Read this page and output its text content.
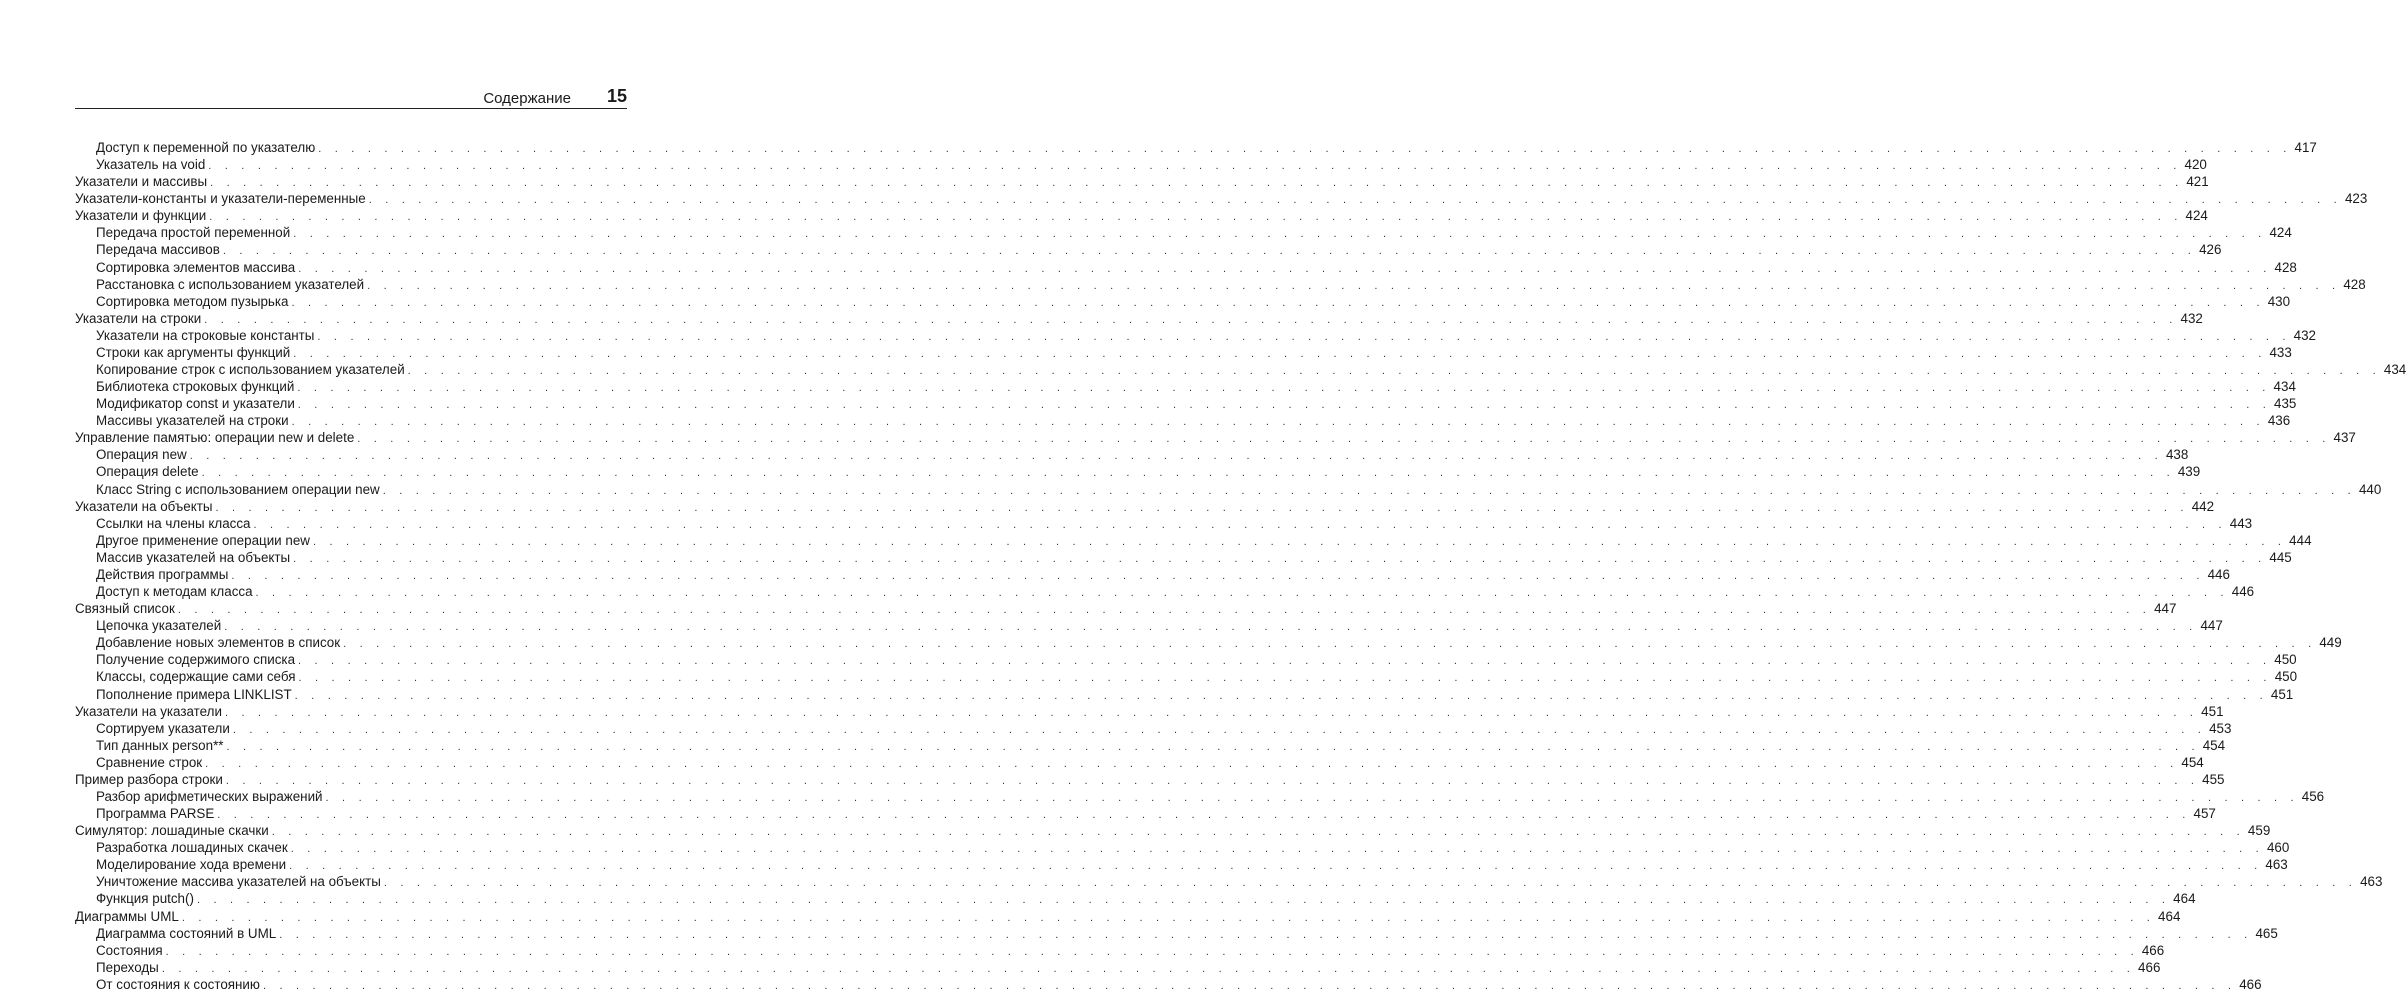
Содержание 15
Доступ к переменной по указателю . . . . . . . . . . . . . . . . . . . . . . . . . . . . . . . . . . . . . . . . . . . . . . . . . . . . . . . . . . . . . . . . . . . . . . . . . . . . . . . . . . . . . . . . . . . . . . . . . . . . . . . . . . . . . . . . . . . . . . . . 417
Указатель на void . . . . . . . . . . . . . . . . . . . . . . . . . . . . . . . . . . . . . . . . . . . . . . . . . . . . . . . . . . . . . . . . . . . . . . . . . . . . . . . . . . . . . . . . . . . . . . . . . . . . . . . . . . . . . . . . . . . . . . . . 420
Указатели и массивы . . . . . . . . . . . . . . . . . . . . . . . . . . . . . . . . . . . . . . . . . . . . . . . . . . . . . . . . . . . . . . . . . . . . . . . . . . . . . . . . . . . . . . . . . . . . . . . . . . . . . . . . . . . . . . . . . . . . . . . . 421
Указатели-константы и указатели-переменные . . . . . . . . . . . . . . . . . . . . . . . . . . . . . . . . . . . . . . . . . . . . . . . . . . . . . . . . . . . . . . . . . . . . . . . . . . . . . . . . . . . . . . . . . . . . . . . . . . . . . . . . . . . . . . . . . . . . . . . . 423
Указатели и функции . . . . . . . . . . . . . . . . . . . . . . . . . . . . . . . . . . . . . . . . . . . . . . . . . . . . . . . . . . . . . . . . . . . . . . . . . . . . . . . . . . . . . . . . . . . . . . . . . . . . . . . . . . . . . . . . . . . . . . . . 424
Передача простой переменной . . . . . . . . . . . . . . . . . . . . . . . . . . . . . . . . . . . . . . . . . . . . . . . . . . . . . . . . . . . . . . . . . . . . . . . . . . . . . . . . . . . . . . . . . . . . . . . . . . . . . . . . . . . . . . . . . . . . . . . . 424
Передача массивов . . . . . . . . . . . . . . . . . . . . . . . . . . . . . . . . . . . . . . . . . . . . . . . . . . . . . . . . . . . . . . . . . . . . . . . . . . . . . . . . . . . . . . . . . . . . . . . . . . . . . . . . . . . . . . . . . . . . . . . . 426
Сортировка элементов массива . . . . . . . . . . . . . . . . . . . . . . . . . . . . . . . . . . . . . . . . . . . . . . . . . . . . . . . . . . . . . . . . . . . . . . . . . . . . . . . . . . . . . . . . . . . . . . . . . . . . . . . . . . . . . . . . . . . . . . . . 428
Расстановка с использованием указателей . . . . . . . . . . . . . . . . . . . . . . . . . . . . . . . . . . . . . . . . . . . . . . . . . . . . . . . . . . . . . . . . . . . . . . . . . . . . . . . . . . . . . . . . . . . . . . . . . . . . . . . . . . . . . . . . . . . . . . . . 428
Сортировка методом пузырька . . . . . . . . . . . . . . . . . . . . . . . . . . . . . . . . . . . . . . . . . . . . . . . . . . . . . . . . . . . . . . . . . . . . . . . . . . . . . . . . . . . . . . . . . . . . . . . . . . . . . . . . . . . . . . . . . . . . . . . . 430
Указатели на строки . . . . . . . . . . . . . . . . . . . . . . . . . . . . . . . . . . . . . . . . . . . . . . . . . . . . . . . . . . . . . . . . . . . . . . . . . . . . . . . . . . . . . . . . . . . . . . . . . . . . . . . . . . . . . . . . . . . . . . . . 432
Указатели на строковые константы . . . . . . . . . . . . . . . . . . . . . . . . . . . . . . . . . . . . . . . . . . . . . . . . . . . . . . . . . . . . . . . . . . . . . . . . . . . . . . . . . . . . . . . . . . . . . . . . . . . . . . . . . . . . . . . . . . . . . . . . 432
Строки как аргументы функций . . . . . . . . . . . . . . . . . . . . . . . . . . . . . . . . . . . . . . . . . . . . . . . . . . . . . . . . . . . . . . . . . . . . . . . . . . . . . . . . . . . . . . . . . . . . . . . . . . . . . . . . . . . . . . . . . . . . . . . . 433
Копирование строк с использованием указателей . . . . . . . . . . . . . . . . . . . . . . . . . . . . . . . . . . . . . . . . . . . . . . . . . . . . . . . . . . . . . . . . . . . . . . . . . . . . . . . . . . . . . . . . . . . . . . . . . . . . . . . . . . . . . . . . . . . . . . . . 434
Библиотека строковых функций . . . . . . . . . . . . . . . . . . . . . . . . . . . . . . . . . . . . . . . . . . . . . . . . . . . . . . . . . . . . . . . . . . . . . . . . . . . . . . . . . . . . . . . . . . . . . . . . . . . . . . . . . . . . . . . . . . . . . . . . 434
Модификатор const и указатели . . . . . . . . . . . . . . . . . . . . . . . . . . . . . . . . . . . . . . . . . . . . . . . . . . . . . . . . . . . . . . . . . . . . . . . . . . . . . . . . . . . . . . . . . . . . . . . . . . . . . . . . . . . . . . . . . . . . . . . . 435
Массивы указателей на строки . . . . . . . . . . . . . . . . . . . . . . . . . . . . . . . . . . . . . . . . . . . . . . . . . . . . . . . . . . . . . . . . . . . . . . . . . . . . . . . . . . . . . . . . . . . . . . . . . . . . . . . . . . . . . . . . . . . . . . . . 436
Управление памятью: операции new и delete . . . . . . . . . . . . . . . . . . . . . . . . . . . . . . . . . . . . . . . . . . . . . . . . . . . . . . . . . . . . . . . . . . . . . . . . . . . . . . . . . . . . . . . . . . . . . . . . . . . . . . . . . . . . . . . . . . . . . . . . 437
Операция new . . . . . . . . . . . . . . . . . . . . . . . . . . . . . . . . . . . . . . . . . . . . . . . . . . . . . . . . . . . . . . . . . . . . . . . . . . . . . . . . . . . . . . . . . . . . . . . . . . . . . . . . . . . . . . . . . . . . . . . . 438
Операция delete . . . . . . . . . . . . . . . . . . . . . . . . . . . . . . . . . . . . . . . . . . . . . . . . . . . . . . . . . . . . . . . . . . . . . . . . . . . . . . . . . . . . . . . . . . . . . . . . . . . . . . . . . . . . . . . . . . . . . . . . 439
Класс String с использованием операции new . . . . . . . . . . . . . . . . . . . . . . . . . . . . . . . . . . . . . . . . . . . . . . . . . . . . . . . . . . . . . . . . . . . . . . . . . . . . . . . . . . . . . . . . . . . . . . . . . . . . . . . . . . . . . . . . . . . . . . . . 440
Указатели на объекты . . . . . . . . . . . . . . . . . . . . . . . . . . . . . . . . . . . . . . . . . . . . . . . . . . . . . . . . . . . . . . . . . . . . . . . . . . . . . . . . . . . . . . . . . . . . . . . . . . . . . . . . . . . . . . . . . . . . . . . . 442
Ссылки на члены класса . . . . . . . . . . . . . . . . . . . . . . . . . . . . . . . . . . . . . . . . . . . . . . . . . . . . . . . . . . . . . . . . . . . . . . . . . . . . . . . . . . . . . . . . . . . . . . . . . . . . . . . . . . . . . . . . . . . . . . . . 443
Другое применение операции new . . . . . . . . . . . . . . . . . . . . . . . . . . . . . . . . . . . . . . . . . . . . . . . . . . . . . . . . . . . . . . . . . . . . . . . . . . . . . . . . . . . . . . . . . . . . . . . . . . . . . . . . . . . . . . . . . . . . . . . . 444
Массив указателей на объекты . . . . . . . . . . . . . . . . . . . . . . . . . . . . . . . . . . . . . . . . . . . . . . . . . . . . . . . . . . . . . . . . . . . . . . . . . . . . . . . . . . . . . . . . . . . . . . . . . . . . . . . . . . . . . . . . . . . . . . . . 445
Действия программы . . . . . . . . . . . . . . . . . . . . . . . . . . . . . . . . . . . . . . . . . . . . . . . . . . . . . . . . . . . . . . . . . . . . . . . . . . . . . . . . . . . . . . . . . . . . . . . . . . . . . . . . . . . . . . . . . . . . . . . . 446
Доступ к методам класса . . . . . . . . . . . . . . . . . . . . . . . . . . . . . . . . . . . . . . . . . . . . . . . . . . . . . . . . . . . . . . . . . . . . . . . . . . . . . . . . . . . . . . . . . . . . . . . . . . . . . . . . . . . . . . . . . . . . . . . . 446
Связный список . . . . . . . . . . . . . . . . . . . . . . . . . . . . . . . . . . . . . . . . . . . . . . . . . . . . . . . . . . . . . . . . . . . . . . . . . . . . . . . . . . . . . . . . . . . . . . . . . . . . . . . . . . . . . . . . . . . . . . . . 447
Цепочка указателей . . . . . . . . . . . . . . . . . . . . . . . . . . . . . . . . . . . . . . . . . . . . . . . . . . . . . . . . . . . . . . . . . . . . . . . . . . . . . . . . . . . . . . . . . . . . . . . . . . . . . . . . . . . . . . . . . . . . . . . . 447
Добавление новых элементов в список . . . . . . . . . . . . . . . . . . . . . . . . . . . . . . . . . . . . . . . . . . . . . . . . . . . . . . . . . . . . . . . . . . . . . . . . . . . . . . . . . . . . . . . . . . . . . . . . . . . . . . . . . . . . . . . . . . . . . . . . 449
Получение содержимого списка . . . . . . . . . . . . . . . . . . . . . . . . . . . . . . . . . . . . . . . . . . . . . . . . . . . . . . . . . . . . . . . . . . . . . . . . . . . . . . . . . . . . . . . . . . . . . . . . . . . . . . . . . . . . . . . . . . . . . . . . 450
Классы, содержащие сами себя . . . . . . . . . . . . . . . . . . . . . . . . . . . . . . . . . . . . . . . . . . . . . . . . . . . . . . . . . . . . . . . . . . . . . . . . . . . . . . . . . . . . . . . . . . . . . . . . . . . . . . . . . . . . . . . . . . . . . . . . 450
Пополнение примера LINKLIST . . . . . . . . . . . . . . . . . . . . . . . . . . . . . . . . . . . . . . . . . . . . . . . . . . . . . . . . . . . . . . . . . . . . . . . . . . . . . . . . . . . . . . . . . . . . . . . . . . . . . . . . . . . . . . . . . . . . . . . . 451
Указатели на указатели . . . . . . . . . . . . . . . . . . . . . . . . . . . . . . . . . . . . . . . . . . . . . . . . . . . . . . . . . . . . . . . . . . . . . . . . . . . . . . . . . . . . . . . . . . . . . . . . . . . . . . . . . . . . . . . . . . . . . . . . 451
Сортируем указатели . . . . . . . . . . . . . . . . . . . . . . . . . . . . . . . . . . . . . . . . . . . . . . . . . . . . . . . . . . . . . . . . . . . . . . . . . . . . . . . . . . . . . . . . . . . . . . . . . . . . . . . . . . . . . . . . . . . . . . . . 453
Тип данных person** . . . . . . . . . . . . . . . . . . . . . . . . . . . . . . . . . . . . . . . . . . . . . . . . . . . . . . . . . . . . . . . . . . . . . . . . . . . . . . . . . . . . . . . . . . . . . . . . . . . . . . . . . . . . . . . . . . . . . . . . 454
Сравнение строк . . . . . . . . . . . . . . . . . . . . . . . . . . . . . . . . . . . . . . . . . . . . . . . . . . . . . . . . . . . . . . . . . . . . . . . . . . . . . . . . . . . . . . . . . . . . . . . . . . . . . . . . . . . . . . . . . . . . . . . . 454
Пример разбора строки . . . . . . . . . . . . . . . . . . . . . . . . . . . . . . . . . . . . . . . . . . . . . . . . . . . . . . . . . . . . . . . . . . . . . . . . . . . . . . . . . . . . . . . . . . . . . . . . . . . . . . . . . . . . . . . . . . . . . . . . 455
Разбор арифметических выражений . . . . . . . . . . . . . . . . . . . . . . . . . . . . . . . . . . . . . . . . . . . . . . . . . . . . . . . . . . . . . . . . . . . . . . . . . . . . . . . . . . . . . . . . . . . . . . . . . . . . . . . . . . . . . . . . . . . . . . . . 456
Программа PARSE . . . . . . . . . . . . . . . . . . . . . . . . . . . . . . . . . . . . . . . . . . . . . . . . . . . . . . . . . . . . . . . . . . . . . . . . . . . . . . . . . . . . . . . . . . . . . . . . . . . . . . . . . . . . . . . . . . . . . . . . 457
Симулятор: лошадиные скачки . . . . . . . . . . . . . . . . . . . . . . . . . . . . . . . . . . . . . . . . . . . . . . . . . . . . . . . . . . . . . . . . . . . . . . . . . . . . . . . . . . . . . . . . . . . . . . . . . . . . . . . . . . . . . . . . . . . . . . . . 459
Разработка лошадиных скачек . . . . . . . . . . . . . . . . . . . . . . . . . . . . . . . . . . . . . . . . . . . . . . . . . . . . . . . . . . . . . . . . . . . . . . . . . . . . . . . . . . . . . . . . . . . . . . . . . . . . . . . . . . . . . . . . . . . . . . . . 460
Моделирование хода времени . . . . . . . . . . . . . . . . . . . . . . . . . . . . . . . . . . . . . . . . . . . . . . . . . . . . . . . . . . . . . . . . . . . . . . . . . . . . . . . . . . . . . . . . . . . . . . . . . . . . . . . . . . . . . . . . . . . . . . . . 463
Уничтожение массива указателей на объекты . . . . . . . . . . . . . . . . . . . . . . . . . . . . . . . . . . . . . . . . . . . . . . . . . . . . . . . . . . . . . . . . . . . . . . . . . . . . . . . . . . . . . . . . . . . . . . . . . . . . . . . . . . . . . . . . . . . . . . . . 463
Функция putch() . . . . . . . . . . . . . . . . . . . . . . . . . . . . . . . . . . . . . . . . . . . . . . . . . . . . . . . . . . . . . . . . . . . . . . . . . . . . . . . . . . . . . . . . . . . . . . . . . . . . . . . . . . . . . . . . . . . . . . . . 464
Диаграммы UML . . . . . . . . . . . . . . . . . . . . . . . . . . . . . . . . . . . . . . . . . . . . . . . . . . . . . . . . . . . . . . . . . . . . . . . . . . . . . . . . . . . . . . . . . . . . . . . . . . . . . . . . . . . . . . . . . . . . . . . . 464
Диаграмма состояний в UML . . . . . . . . . . . . . . . . . . . . . . . . . . . . . . . . . . . . . . . . . . . . . . . . . . . . . . . . . . . . . . . . . . . . . . . . . . . . . . . . . . . . . . . . . . . . . . . . . . . . . . . . . . . . . . . . . . . . . . . . 465
Состояния . . . . . . . . . . . . . . . . . . . . . . . . . . . . . . . . . . . . . . . . . . . . . . . . . . . . . . . . . . . . . . . . . . . . . . . . . . . . . . . . . . . . . . . . . . . . . . . . . . . . . . . . . . . . . . . . . . . . . . . . 466
Переходы . . . . . . . . . . . . . . . . . . . . . . . . . . . . . . . . . . . . . . . . . . . . . . . . . . . . . . . . . . . . . . . . . . . . . . . . . . . . . . . . . . . . . . . . . . . . . . . . . . . . . . . . . . . . . . . . . . . . . . . . 466
От состояния к состоянию . . . . . . . . . . . . . . . . . . . . . . . . . . . . . . . . . . . . . . . . . . . . . . . . . . . . . . . . . . . . . . . . . . . . . . . . . . . . . . . . . . . . . . . . . . . . . . . . . . . . . . . . . . . . . . . . . . . . . . . . 466
